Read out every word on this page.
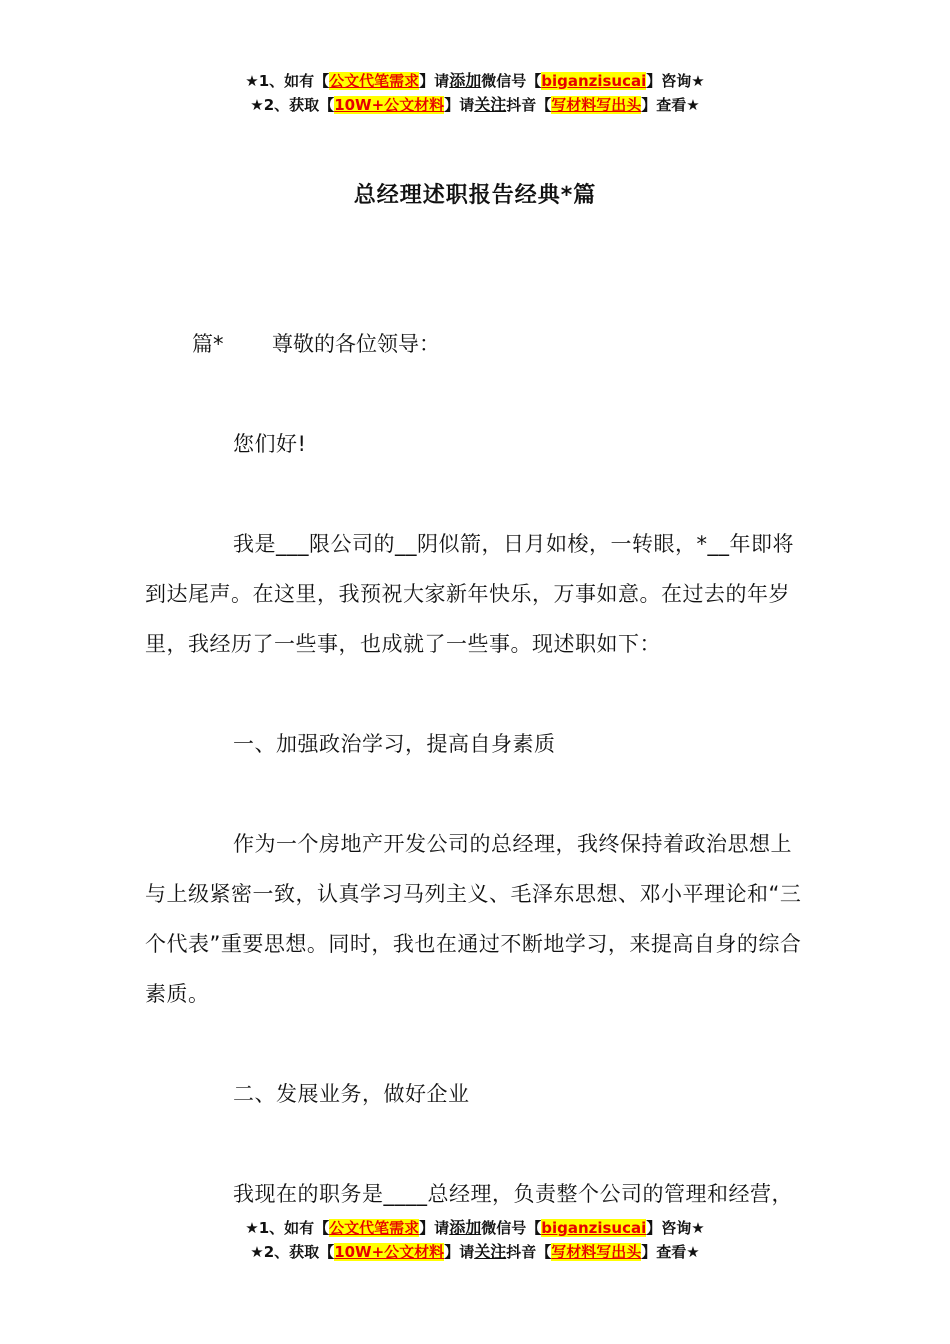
★1、如有【公文代笔需求】请添加微信号【biganzisucai】咨询★
★2、获取【10W+公文材料】请关注抖音【写材料写出头】查看★
总经理述职报告经典*篇
篇* 尊敬的各位领导：

您们好!

我是___限公司的__阴似箭，日月如梭，一转眼，*__年即将到达尾声。在这里，我预祝大家新年快乐，万事如意。在过去的年岁里，我经历了一些事，也成就了一些事。现述职如下：

一、加强政治学习，提高自身素质

作为一个房地产开发公司的总经理，我终保持着政治思想上与上级紧密一致，认真学习马列主义、毛泽东思想、邓小平理论和“三个代表”重要思想。同时，我也在通过不断地学习，来提高自身的综合素质。

二、发展业务，做好企业

我现在的职务是____总经理，负责整个公司的管理和经营，

★1、如有【公文代笔需求】请添加微信号【biganzisucai】咨询★
★2、获取【10W+公文材料】请关注抖音【写材料写出头】查看★
